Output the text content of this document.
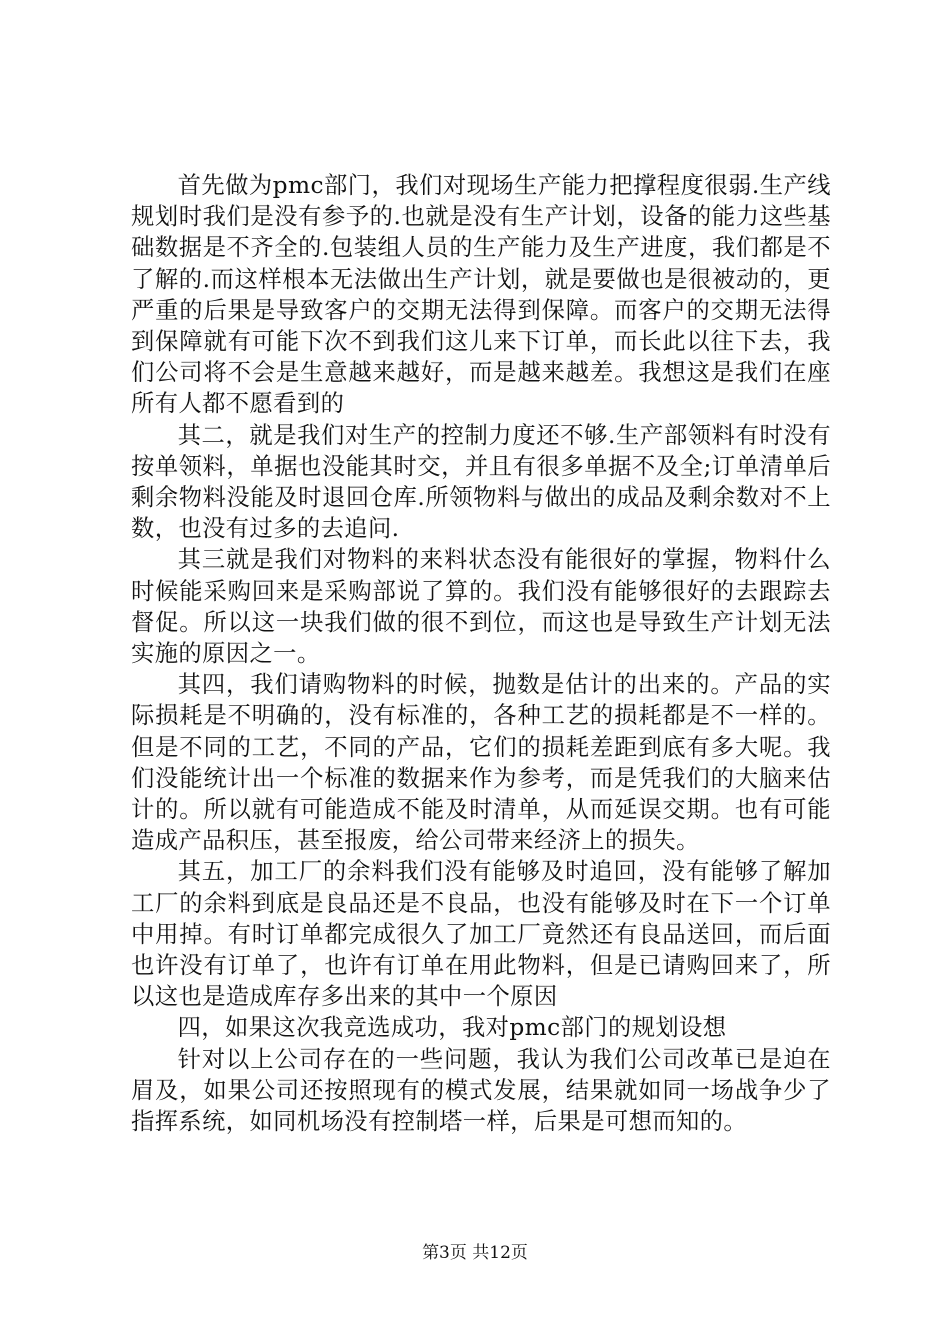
首先做为pmc部门，我们对现场生产能力把撑程度很弱.生产线规划时我们是没有参予的.也就是没有生产计划，设备的能力这些基础数据是不齐全的.包装组人员的生产能力及生产进度，我们都是不了解的.而这样根本无法做出生产计划，就是要做也是很被动的，更严重的后果是导致客户的交期无法得到保障。而客户的交期无法得到保障就有可能下次不到我们这儿来下订单，而长此以往下去，我们公司将不会是生意越来越好，而是越来越差。我想这是我们在座所有人都不愿看到的

其二，就是我们对生产的控制力度还不够.生产部领料有时没有按单领料，单据也没能其时交，并且有很多单据不及全;订单清单后剩余物料没能及时退回仓库.所领物料与做出的成品及剩余数对不上数，也没有过多的去追问.

其三就是我们对物料的来料状态没有能很好的掌握，物料什么时候能采购回来是采购部说了算的。我们没有能够很好的去跟踪去督促。所以这一块我们做的很不到位，而这也是导致生产计划无法实施的原因之一。

其四，我们请购物料的时候，抛数是估计的出来的。产品的实际损耗是不明确的，没有标准的，各种工艺的损耗都是不一样的。但是不同的工艺，不同的产品，它们的损耗差距到底有多大呢。我们没能统计出一个标准的数据来作为参考，而是凭我们的大脑来估计的。所以就有可能造成不能及时清单，从而延误交期。也有可能造成产品积压，甚至报废，给公司带来经济上的损失。

其五，加工厂的余料我们没有能够及时追回，没有能够了解加工厂的余料到底是良品还是不良品，也没有能够及时在下一个订单中用掉。有时订单都完成很久了加工厂竟然还有良品送回，而后面也许没有订单了，也许有订单在用此物料，但是已请购回来了，所以这也是造成库存多出来的其中一个原因

四，如果这次我竞选成功，我对pmc部门的规划设想

针对以上公司存在的一些问题，我认为我们公司改革已是迫在眉及，如果公司还按照现有的模式发展，结果就如同一场战争少了指挥系统，如同机场没有控制塔一样，后果是可想而知的。

第3页 共12页
